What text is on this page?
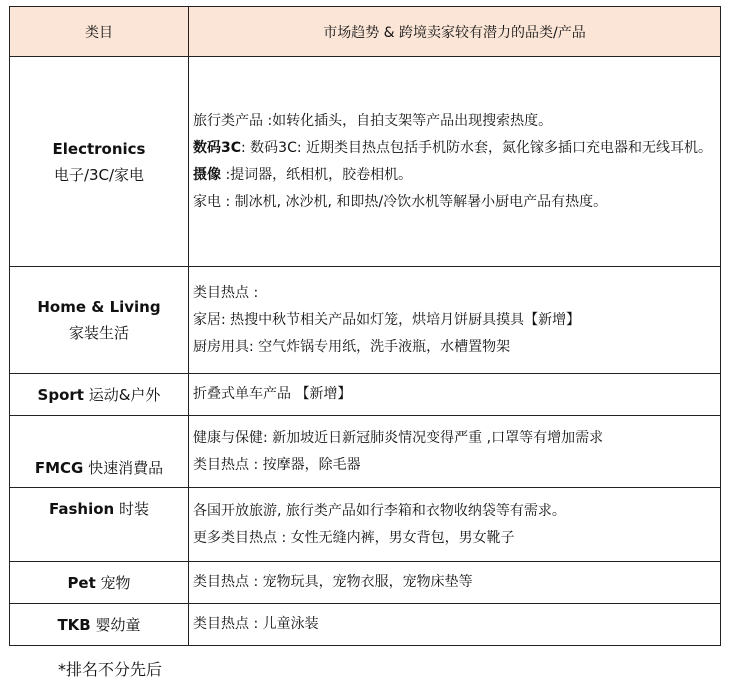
类目	市场趋势 & 跨境卖家较有潜力的品类/产品
Electronics
电子/3C/家电	旅行类产品 :如转化插头，自拍支架等产品出现搜索热度。
数码3C: 数码3C: 近期类目热点包括手机防水套，氮化镓多插口充电器和无线耳机。
摄像 :提词器，纸相机，胶卷相机。
家电 : 制冰机, 冰沙机, 和即热/冷饮水机等解暑小厨电产品有热度。

Home & Living
家装生活	类目热点 :
家居: 热搜中秋节相关产品如灯笼，烘培月饼厨具摸具【新增】
厨房用具: 空气炸锅专用纸，洗手液瓶，水槽置物架

Sport 运动&户外	折叠式单车产品 【新增】

FMCG 快速消費品	健康与保健: 新加坡近日新冠肺炎情况变得严重 ,口罩等有增加需求
类目热点 : 按摩器，除毛器

Fashion 时装	各国开放旅游, 旅行类产品如行李箱和衣物收纳袋等有需求。
更多类目热点 : 女性无缝内裤，男女背包，男女靴子

Pet 宠物	类目热点 : 宠物玩具，宠物衣服，宠物床垫等

TKB 婴幼童	类目热点 : 儿童泳装
*排名不分先后
